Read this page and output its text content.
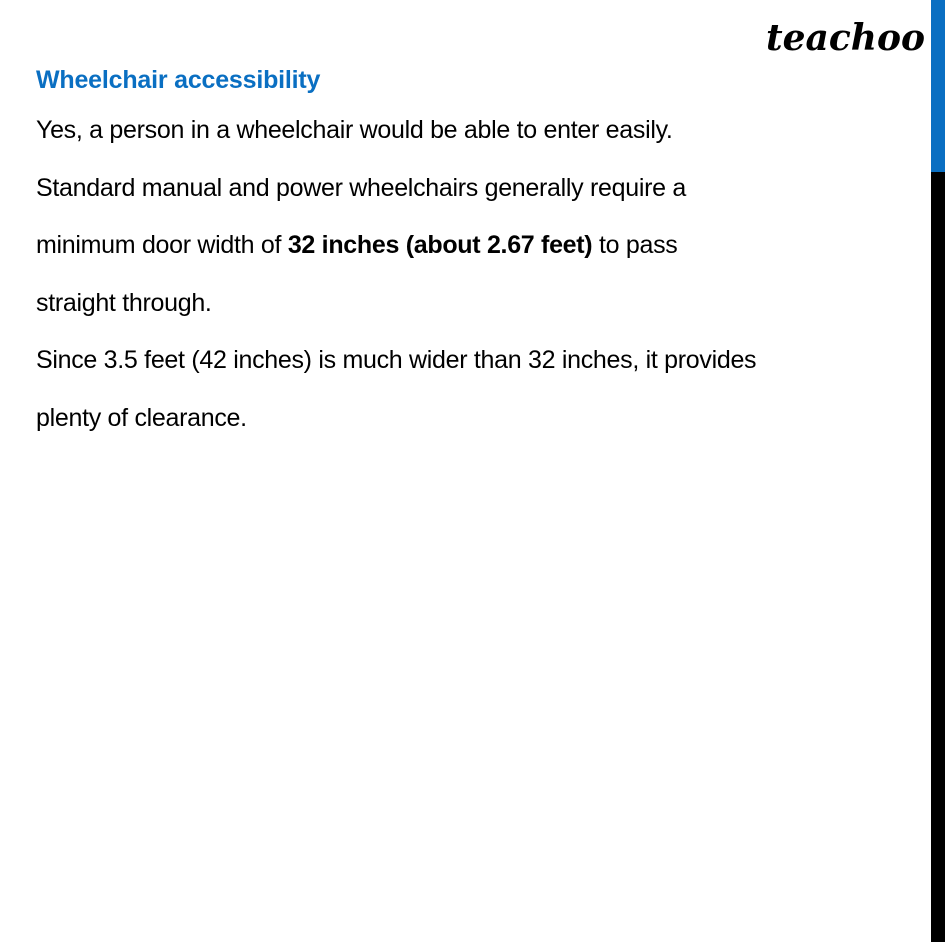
teachoo
Wheelchair accessibility

Yes, a person in a wheelchair would be able to enter easily.

Standard manual and power wheelchairs generally require a

minimum door width of 32 inches (about 2.67 feet) to pass

straight through.

Since 3.5 feet (42 inches) is much wider than 32 inches, it provides

plenty of clearance.
